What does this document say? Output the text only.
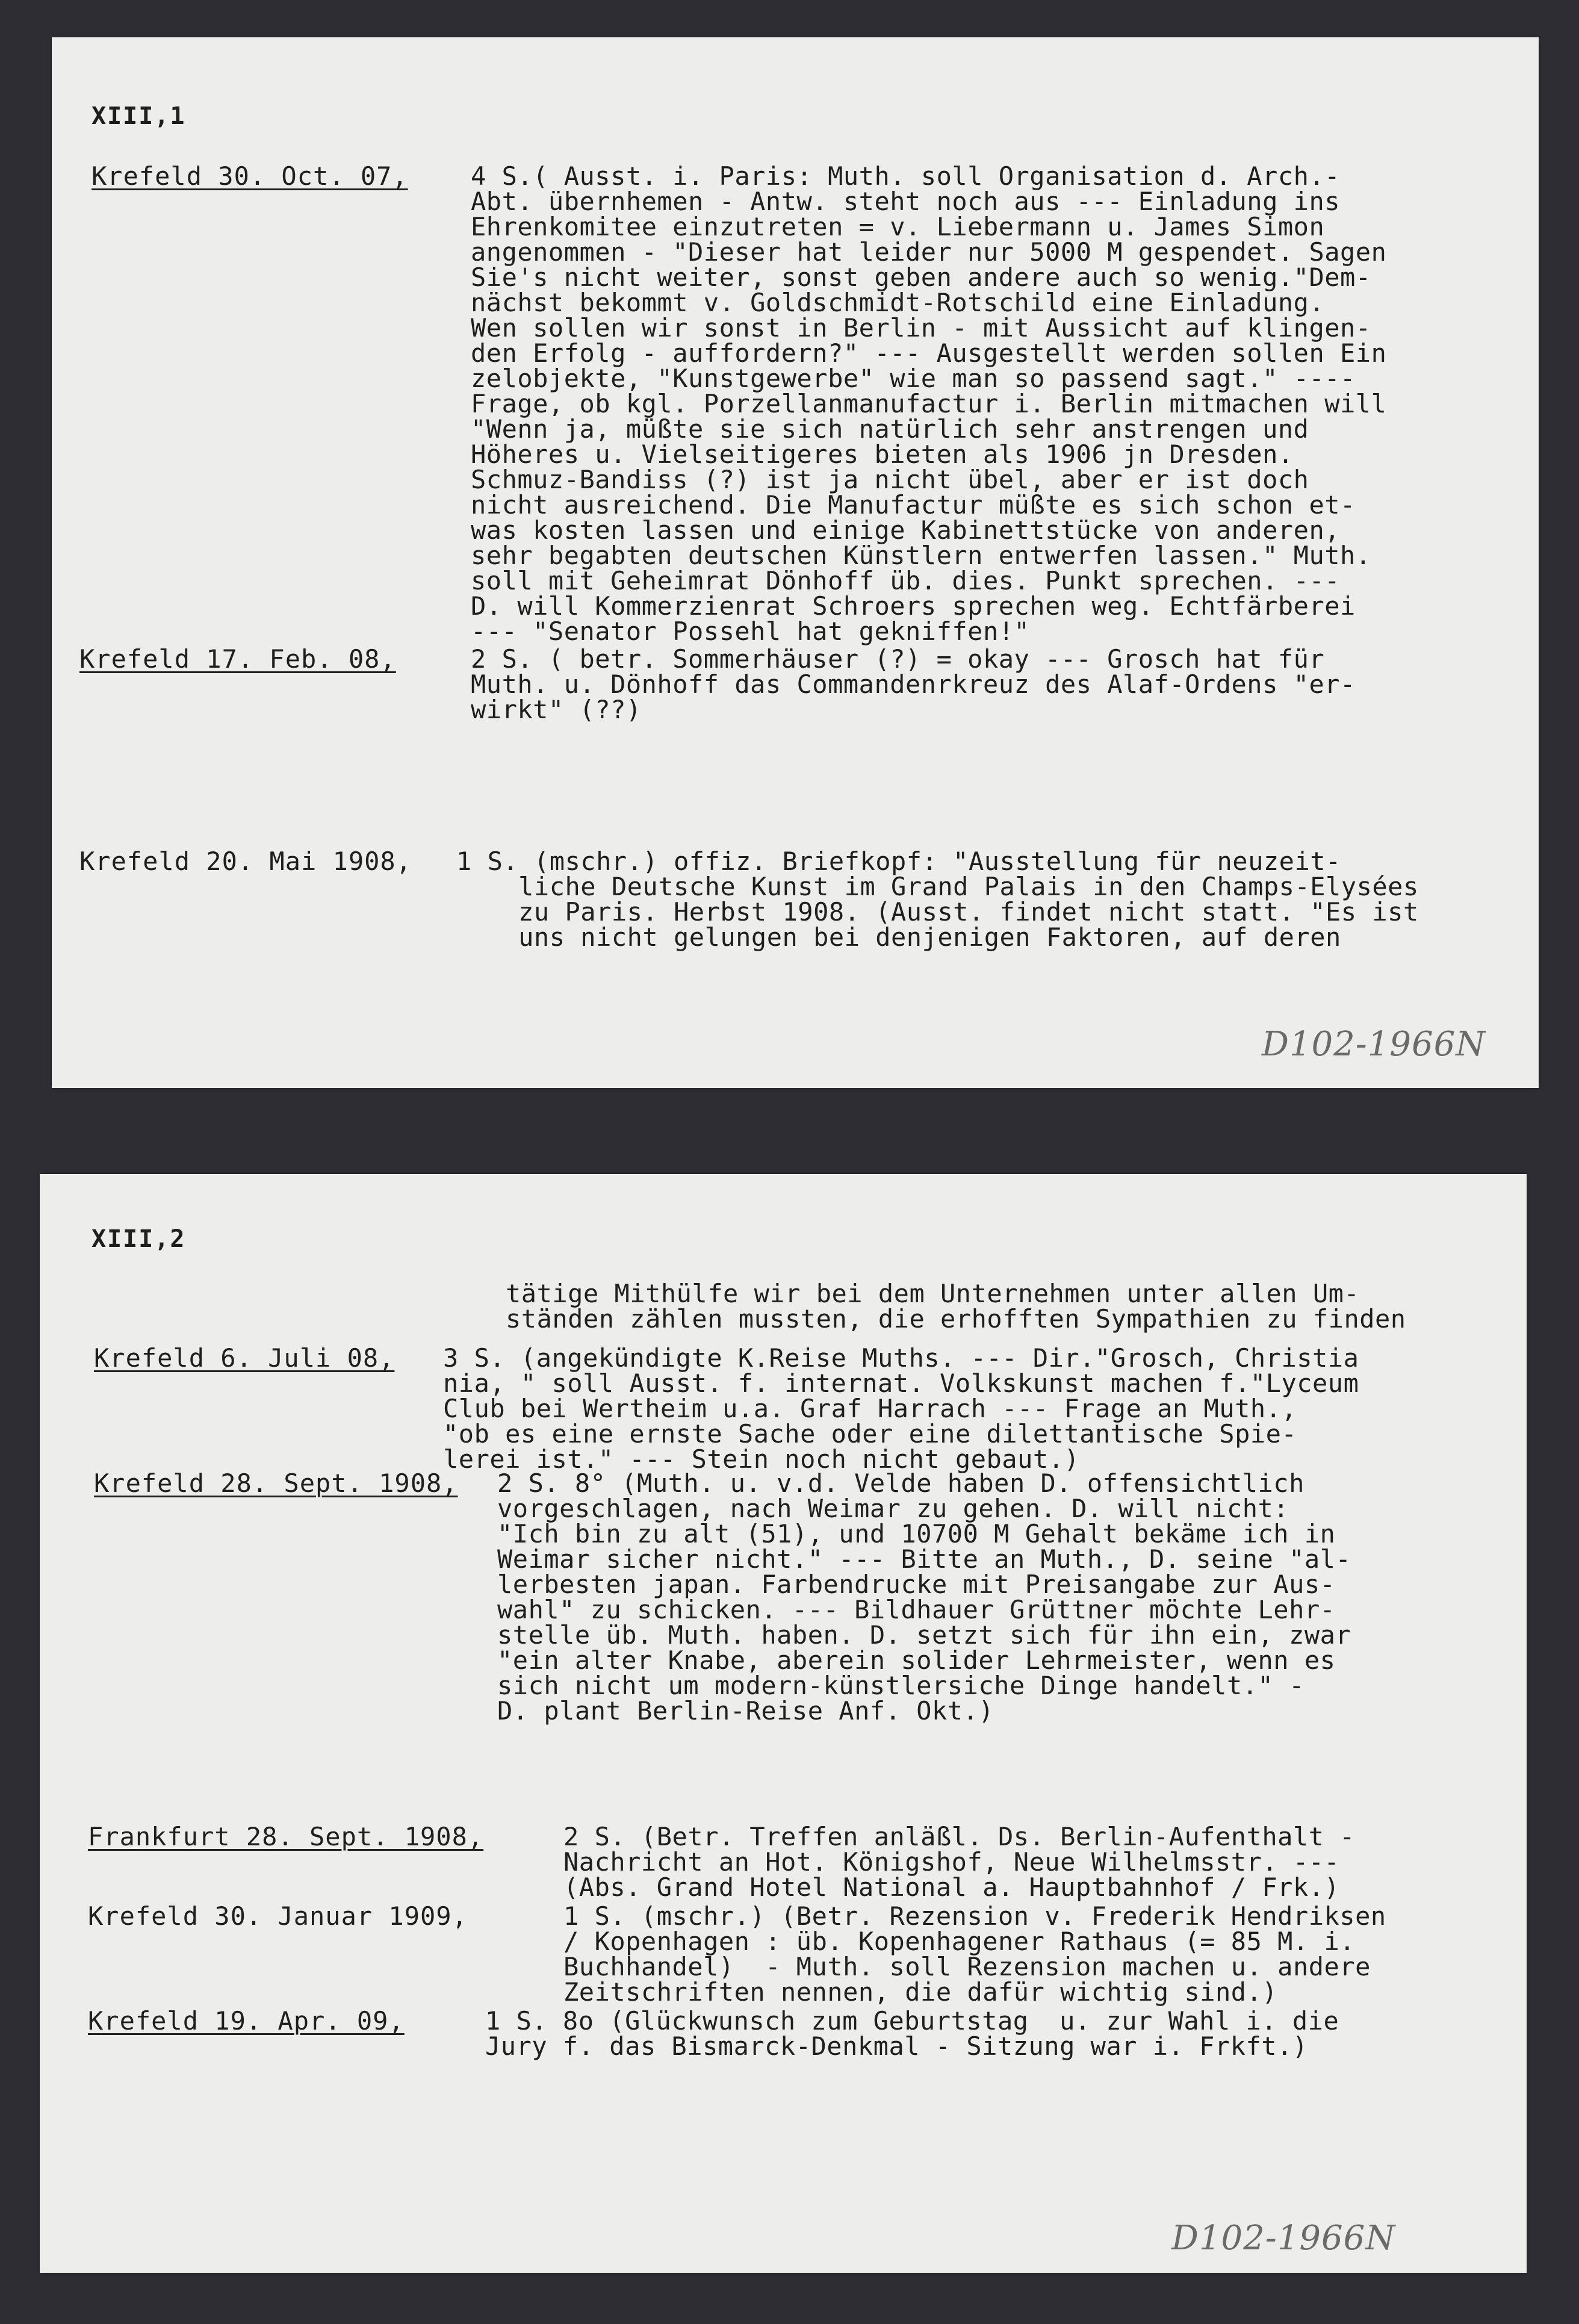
XIII,1
Krefeld 30. Oct. 07,	4 S.( Ausst. i. Paris: Muth. soll Organisation d. Arch.-
Abt. übernhemen - Antw. steht noch aus --- Einladung ins
Ehrenkomitee einzutreten = v. Liebermann u. James Simon
angenommen - "Dieser hat leider nur 5000 M gespendet. Sagen
Sie's nicht weiter, sonst geben andere auch so wenig."Dem-
nächst bekommt v. Goldschmidt-Rotschild eine Einladung.
Wen sollen wir sonst in Berlin - mit Aussicht auf klingen-
den Erfolg - auffordern?" --- Ausgestellt werden sollen Ein
zelobjekte, "Kunstgewerbe" wie man so passend sagt." ----
Frage, ob kgl. Porzellanmanufactur i. Berlin mitmachen will
"Wenn ja, müßte sie sich natürlich sehr anstrengen und
Höheres u. Vielseitigeres bieten als 1906 jn Dresden.
Schmuz-Bandiss (?) ist ja nicht übel, aber er ist doch
nicht ausreichend. Die Manufactur müßte es sich schon et-
was kosten lassen und einige Kabinettstücke von anderen,
sehr begabten deutschen Künstlern entwerfen lassen." Muth.
soll mit Geheimrat Dönhoff üb. dies. Punkt sprechen. ---
D. will Kommerzienrat Schroers sprechen weg. Echtfärberei
--- "Senator Possehl hat gekniffen!"
Krefeld 17. Feb. 08,	2 S. ( betr. Sommerhäuser (?) = okay --- Grosch hat für
Muth. u. Dönhoff das Commandenrkreuz des Alaf-Ordens "er-
wirkt" (??)
Krefeld 20. Mai 1908,	1 S. (mschr.) offiz. Briefkopf: "Ausstellung für neuzeit-
liche Deutsche Kunst im Grand Palais in den Champs-Elysées
zu Paris. Herbst 1908. (Ausst. findet nicht statt. "Es ist
uns nicht gelungen bei denjenigen Faktoren, auf deren
D102-1966N
XIII,2
tätige Mithülfe wir bei dem Unternehmen unter allen Um-
ständen zählen mussten, die erhofften Sympathien zu finden
Krefeld 6. Juli 08,	3 S. (angekündigte K.Reise Muths. --- Dir."Grosch, Christia
nia, " soll Ausst. f. internat. Volkskunst machen f."Lyceum
Club bei Wertheim u.a. Graf Harrach --- Frage an Muth.,
"ob es eine ernste Sache oder eine dilettantische Spie-
lerei ist." --- Stein noch nicht gebaut.)
Krefeld 28. Sept. 1908,	2 S. 8° (Muth. u. v.d. Velde haben D. offensichtlich
vorgeschlagen, nach Weimar zu gehen. D. will nicht:
"Ich bin zu alt (51), und 10700 M Gehalt bekäme ich in
Weimar sicher nicht." --- Bitte an Muth., D. seine "al-
lerbesten japan. Farbendrucke mit Preisangabe zur Aus-
wahl" zu schicken. --- Bildhauer Grüttner möchte Lehr-
stelle üb. Muth. haben. D. setzt sich für ihn ein, zwar
"ein alter Knabe, aberein solider Lehrmeister, wenn es
sich nicht um modern-künstlersiche Dinge handelt." -
D. plant Berlin-Reise Anf. Okt.)
Frankfurt 28. Sept. 1908,	2 S. (Betr. Treffen anläßl. Ds. Berlin-Aufenthalt -
Nachricht an Hot. Königshof, Neue Wilhelmsstr. ---
(Abs. Grand Hotel National a. Hauptbahnhof / Frk.)
Krefeld 30. Januar 1909,	1 S. (mschr.) (Betr. Rezension v. Frederik Hendriksen
/ Kopenhagen : üb. Kopenhagener Rathaus (= 85 M. i.
Buchhandel)  - Muth. soll Rezension machen u. andere
Zeitschriften nennen, die dafür wichtig sind.)
Krefeld 19. Apr. 09,	1 S. 8o (Glückwunsch zum Geburtstag  u. zur Wahl i. die
Jury f. das Bismarck-Denkmal - Sitzung war i. Frkft.)
D102-1966N
